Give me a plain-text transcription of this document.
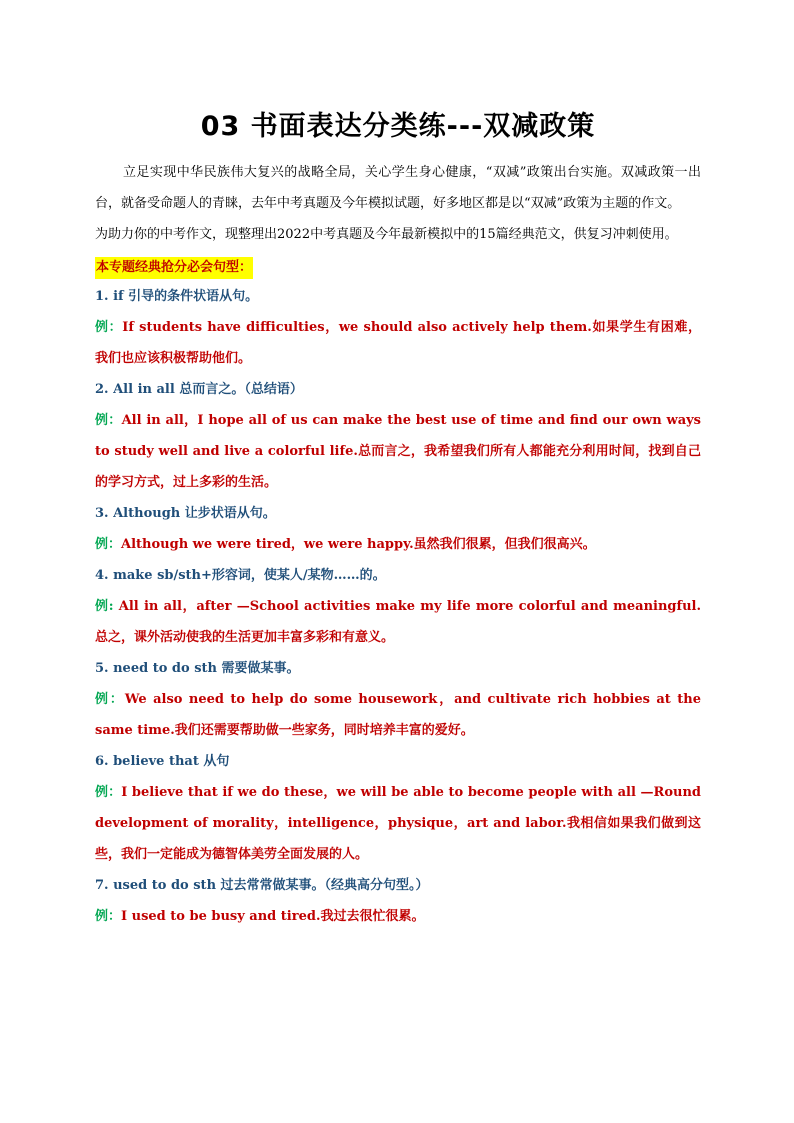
03 书面表达分类练---双减政策

立足实现中华民族伟大复兴的战略全局，关心学生身心健康，“双减”政策出台实施。双减政策一出台，就备受命题人的青睐，去年中考真题及今年模拟试题，好多地区都是以“双减”政策为主题的作文。

为助力你的中考作文，现整理出2022中考真题及今年最新模拟中的15篇经典范文，供复习冲刺使用。

本专题经典抢分必会句型：

1. if 引导的条件状语从句。

例：If students have difficulties，we should also actively help them.如果学生有困难，我们也应该积极帮助他们。

2. All in all 总而言之。（总结语）

例：All in all，I hope all of us can make the best use of time and find our own ways to study well and live a colorful life.总而言之，我希望我们所有人都能充分利用时间，找到自己的学习方式，过上多彩的生活。

3. Although 让步状语从句。

例：Although we were tired，we were happy.虽然我们很累，但我们很高兴。

4. make sb/sth+形容词，使某人/某物……的。

例: All in all，after —School activities make my life more colorful and meaningful.总之，课外活动使我的生活更加丰富多彩和有意义。

5. need to do sth 需要做某事。

例：We also need to help do some housework，and cultivate rich hobbies at the same time.我们还需要帮助做一些家务，同时培养丰富的爱好。

6. believe that 从句

例：I believe that if we do these，we will be able to become people with all —Round development of morality，intelligence，physique，art and labor.我相信如果我们做到这些，我们一定能成为德智体美劳全面发展的人。

7. used to do sth 过去常常做某事。（经典高分句型。）

例：I used to be busy and tired.我过去很忙很累。
